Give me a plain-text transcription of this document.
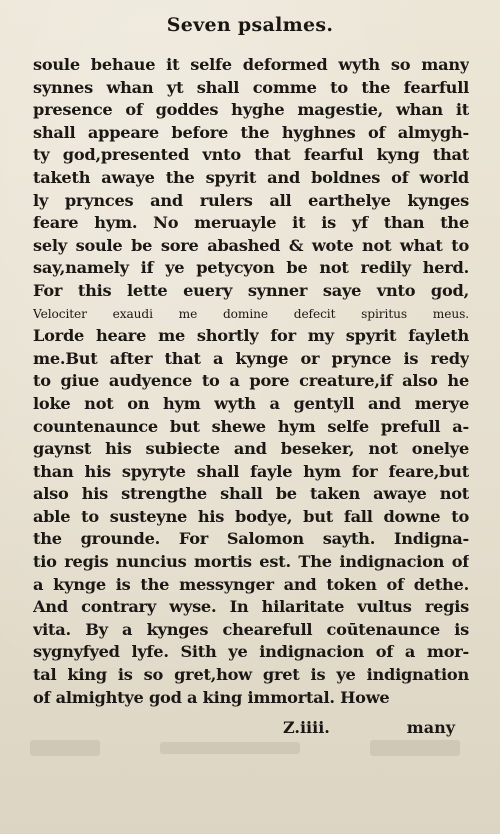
Seven psalmes.
soule behaue it selfe deformed wyth so many
synnes whan yt shall comme to the fearfull
presence of goddes hyghe magestie, whan it
shall appeare before the hyghnes of almygh-
ty god,presented vnto that fearful kyng that
taketh awaye the spyrit and boldnes of world
ly prynces and rulers all earthelye kynges
feare hym. No meruayle it is yf than the
sely soule be sore abashed & wote not what to
say,namely if ye petycyon be not redily herd.
For this lette euery synner saye vnto god,
Velociter exaudi me domine defecit spiritus meus.
Lorde heare me shortly for my spyrit fayleth
me.But after that a kynge or prynce is redy
to giue audyence to a pore creature,if also he
loke not on hym wyth a gentyll and merye
countenaunce but shewe hym selfe prefull a-
gaynst his subiecte and beseker, not onelye
than his spyryte shall fayle hym for feare,but
also his strengthe shall be taken awaye not
able to susteyne his bodye, but fall downe to
the grounde. For Salomon sayth. Indigna-
tio regis nuncius mortis est. The indignacion of
a kynge is the messynger and token of dethe.
And contrary wyse. In hilaritate vultus regis
vita. By a kynges chearefull coūtenaunce is
sygnyfyed lyfe. Sith ye indignacion of a mor-
tal king is so gret,how gret is ye indignation
of almightye god a king immortal. Howe
Z.iiii.	many
